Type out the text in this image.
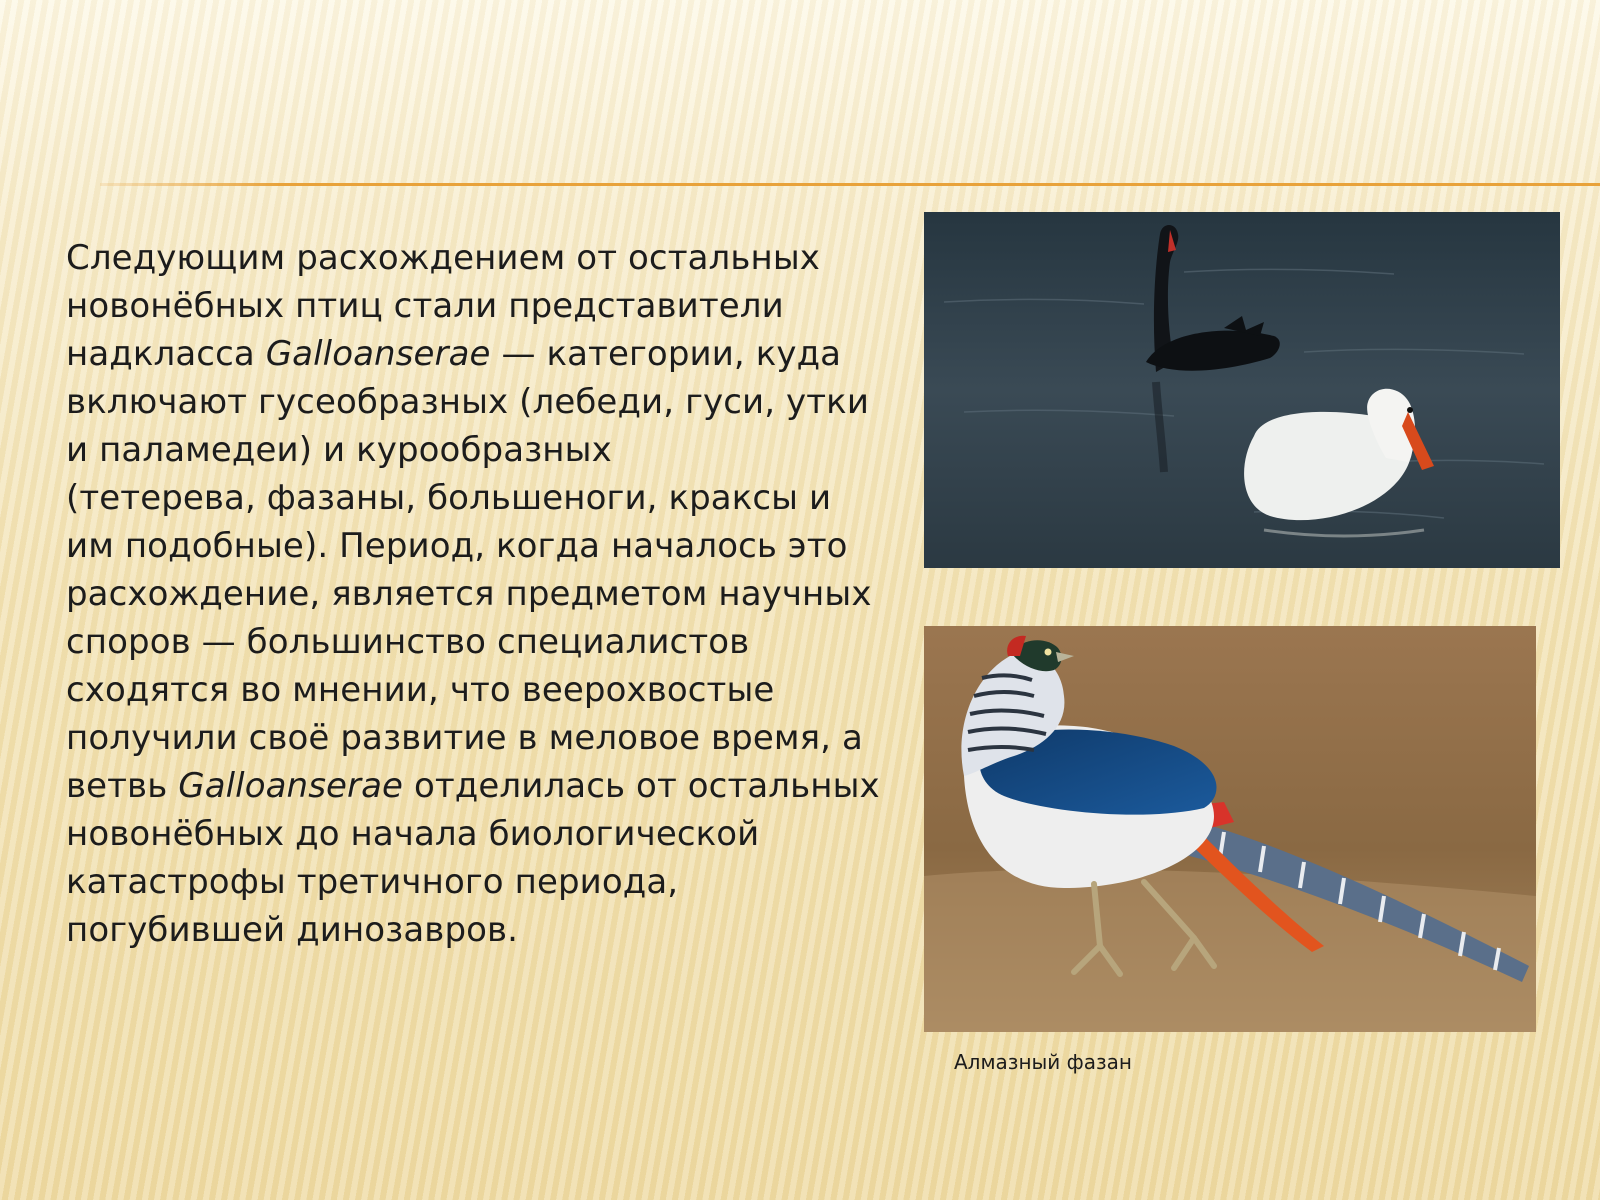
Следующим расхождением от остальных
новонёбных птиц стали представители
надкласса Galloanserae — категории, куда
включают гусеобразных (лебеди, гуси, утки
и паламедеи) и курообразных
(тетерева, фазаны, большеноги, краксы и
им подобные). Период, когда началось это
расхождение, является предметом научных
споров — большинство специалистов
сходятся во мнении, что веерохвостые
получили своё развитие в меловое время, а
ветвь Galloanserae отделилась от остальных
новонёбных до начала биологической
катастрофы третичного периода,
погубившей динозавров.
Алмазный фазан
